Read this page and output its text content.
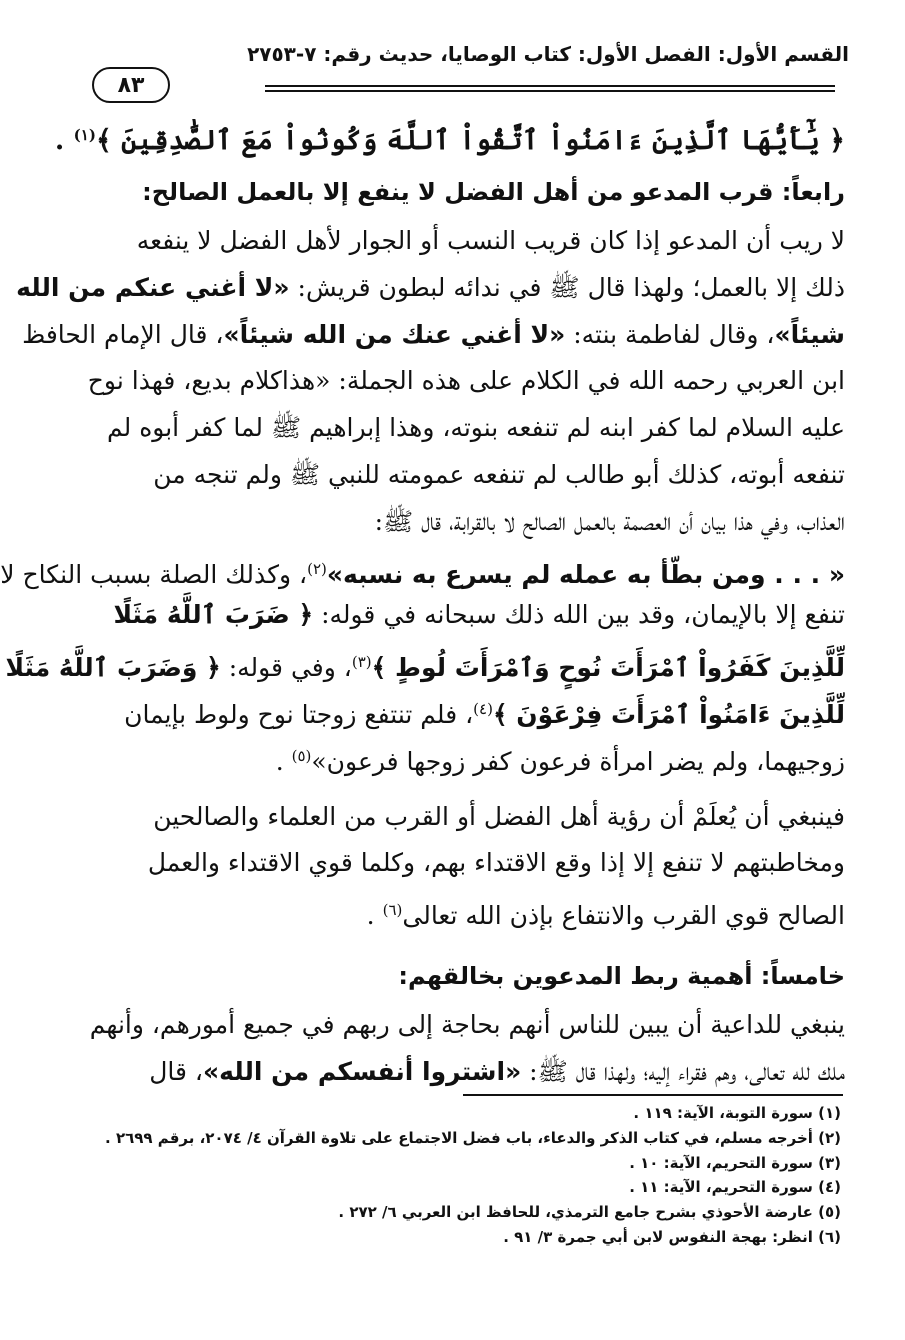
القسم الأول: الفصل الأول: كتاب الوصايا، حديث رقم: ٧-٢٧٥٣
٨٣
﴿ يَٰٓأَيُّهَا ٱلَّذِينَ ءَامَنُواْ ٱتَّقُواْ ٱللَّهَ وَكُونُواْ مَعَ ٱلصَّٰدِقِينَ ﴾$^{(١)}$ .
رابعاً: قرب المدعو من أهل الفضل لا ينفع إلا بالعمل الصالح:
لا ريب أن المدعو إذا كان قريب النسب أو الجوار لأهل الفضل لا ينفعه
ذلك إلا بالعمل؛ ولهذا قال ﷺ في ندائه لبطون قريش: «لا أغني عنكم من الله
شيئاً»، وقال لفاطمة بنته: «لا أغني عنك من الله شيئاً»، قال الإمام الحافظ
ابن العربي رحمه الله في الكلام على هذه الجملة: «هذاكلام بديع، فهذا نوح
عليه السلام لما كفر ابنه لم تنفعه بنوته، وهذا إبراهيم ﷺ لما كفر أبوه لم
تنفعه أبوته، كذلك أبو طالب لم تنفعه عمومته للنبي ﷺ ولم تنجه من
العذاب، وفي هذا بيان أن العصمة بالعمل الصالح لا بالقرابة، قال ﷺ:
« . . . ومن بطّأ به عمله لم يسرع به نسبه»$^{(٢)}$، وكذلك الصلة بسبب النكاح لا
تنفع إلا بالإيمان، وقد بين الله ذلك سبحانه في قوله: ﴿ ضَرَبَ ٱللَّهُ مَثَلًا
لِّلَّذِينَ كَفَرُواْ ٱمْرَأَتَ نُوحٍ وَٱمْرَأَتَ لُوطٍ ﴾$^{(٣)}$، وفي قوله: ﴿ وَضَرَبَ ٱللَّهُ مَثَلًا
لِّلَّذِينَ ءَامَنُواْ ٱمْرَأَتَ فِرْعَوْنَ ﴾$^{(٤)}$، فلم تنتفع زوجتا نوح ولوط بإيمان
زوجيهما، ولم يضر امرأة فرعون كفر زوجها فرعون»$^{(٥)}$ .
فينبغي أن يُعلَمْ أن رؤية أهل الفضل أو القرب من العلماء والصالحين
ومخاطبتهم لا تنفع إلا إذا وقع الاقتداء بهم، وكلما قوي الاقتداء والعمل
الصالح قوي القرب والانتفاع بإذن الله تعالى$^{(٦)}$ .
خامساً: أهمية ربط المدعوين بخالقهم:
ينبغي للداعية أن يبين للناس أنهم بحاجة إلى ربهم في جميع أمورهم، وأنهم
ملك لله تعالى، وهم فقراء إليه؛ ولهذا قال ﷺ: «اشتروا أنفسكم من الله»، قال
(١) سورة التوبة، الآية: ١١٩ .
(٢) أخرجه مسلم، في كتاب الذكر والدعاء، باب فضل الاجتماع على تلاوة القرآن ٤/ ٢٠٧٤، برقم ٢٦٩٩ .
(٣) سورة التحريم، الآية: ١٠ .
(٤) سورة التحريم، الآية: ١١ .
(٥) عارضة الأحوذي بشرح جامع الترمذي، للحافظ ابن العربي ٦/ ٢٧٢ .
(٦) انظر: بهجة النفوس لابن أبي جمرة ٣/ ٩١ .
